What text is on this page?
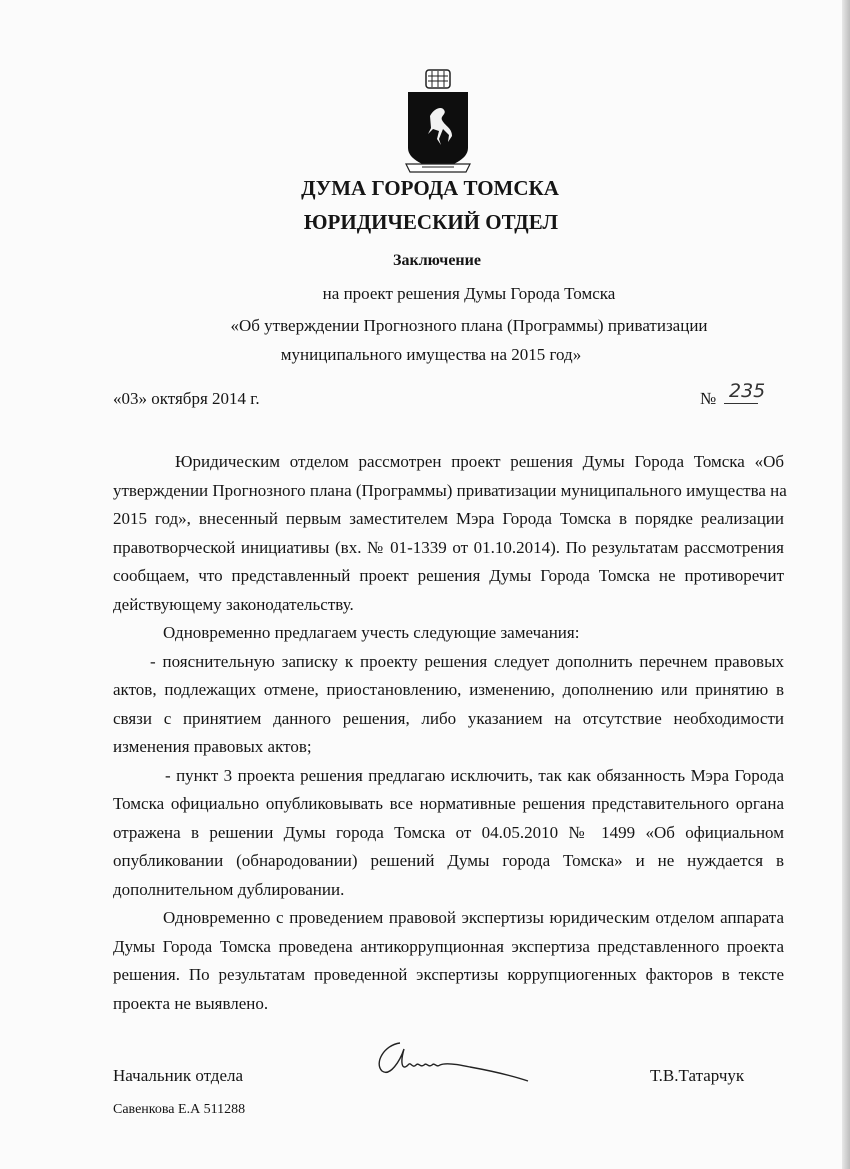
ДУМА ГОРОДА ТОМСКА
ЮРИДИЧЕСКИЙ ОТДЕЛ
Заключение
на проект решения Думы Города Томска
«Об утверждении Прогнозного плана (Программы) приватизации
муниципального имущества на 2015 год»
«03» октября 2014 г.	№ 235
Юридическим отделом рассмотрен проект решения Думы Города Томска «Об
утверждении Прогнозного плана (Программы) приватизации муниципального имущества на
2015 год», внесенный первым заместителем Мэра Города Томска в порядке реализации
правотворческой инициативы (вх. № 01-1339 от 01.10.2014). По результатам рассмотрения
сообщаем, что представленный проект решения Думы Города Томска не противоречит
действующему законодательству.
Одновременно предлагаем учесть следующие замечания:
- пояснительную записку к проекту решения следует дополнить перечнем правовых
актов, подлежащих отмене, приостановлению, изменению, дополнению или принятию в
связи с принятием данного решения, либо указанием на отсутствие необходимости
изменения правовых актов;
- пункт 3 проекта решения предлагаю исключить, так как обязанность Мэра Города
Томска официально опубликовывать все нормативные решения представительного органа
отражена в решении Думы города Томска от 04.05.2010 № 1499 «Об официальном
опубликовании (обнародовании) решений Думы города Томска» и не нуждается в
дополнительном дублировании.
Одновременно с проведением правовой экспертизы юридическим отделом аппарата
Думы Города Томска проведена антикоррупционная экспертиза представленного проекта
решения. По результатам проведенной экспертизы коррупциогенных факторов в тексте
проекта не выявлено.
Начальник отдела	Т.В.Татарчук
Савенкова Е.А 511288
